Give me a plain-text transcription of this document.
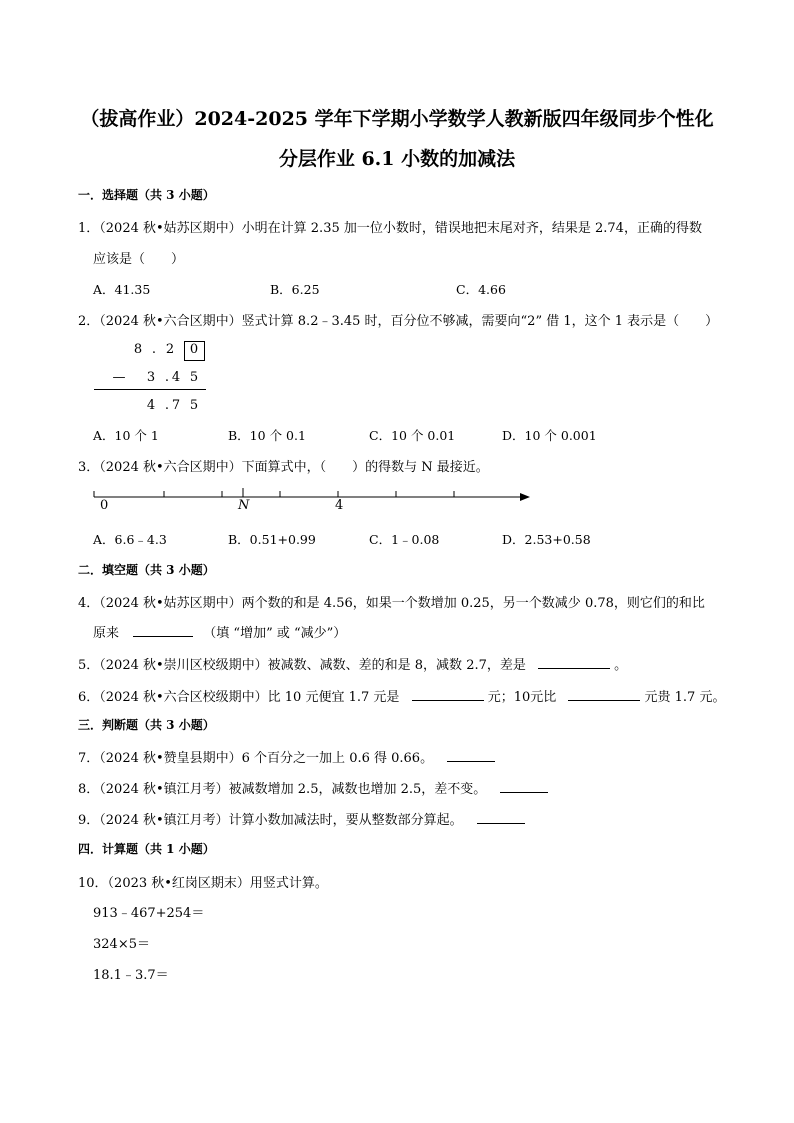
（拔高作业）2024-2025 学年下学期小学数学人教新版四年级同步个性化
分层作业 6.1 小数的加减法
一．选择题（共 3 小题）
1．（2024 秋•姑苏区期中）小明在计算 2.35 加一位小数时，错误地把末尾对齐，结果是 2.74，正确的得数
应该是（　　）
A．41.35	B．6.25	C．4.66
2．（2024 秋•六合区期中）竖式计算 8.2﹣3.45 时，百分位不够减，需要向“2” 借 1，这个 1 表示是（　　）
8 . 2 0
— 3 . 4 5
4 . 7 5
A．10 个 1	B．10 个 0.1	C．10 个 0.01	D．10 个 0.001
3．（2024 秋•六合区期中）下面算式中，（　　）的得数与 N 最接近。
0	N	4
A．6.6﹣4.3	B．0.51+0.99	C．1﹣0.08	D．2.53+0.58
二．填空题（共 3 小题）
4．（2024 秋•姑苏区期中）两个数的和是 4.56，如果一个数增加 0.25，另一个数减少 0.78，则它们的和比
原来	（填 “增加” 或 “减少”）
5．（2024 秋•崇川区校级期中）被减数、减数、差的和是 8，减数 2.7，差是	。
6．（2024 秋•六合区校级期中）比 10 元便宜 1.7 元是	元；10元比	元贵 1.7 元。
三．判断题（共 3 小题）
7．（2024 秋•赞皇县期中）6 个百分之一加上 0.6 得 0.66。
8．（2024 秋•镇江月考）被减数增加 2.5，减数也增加 2.5，差不变。
9．（2024 秋•镇江月考）计算小数加减法时，要从整数部分算起。
四．计算题（共 1 小题）
10．（2023 秋•红岗区期末）用竖式计算。
913﹣467+254＝
324×5＝
18.1﹣3.7＝
